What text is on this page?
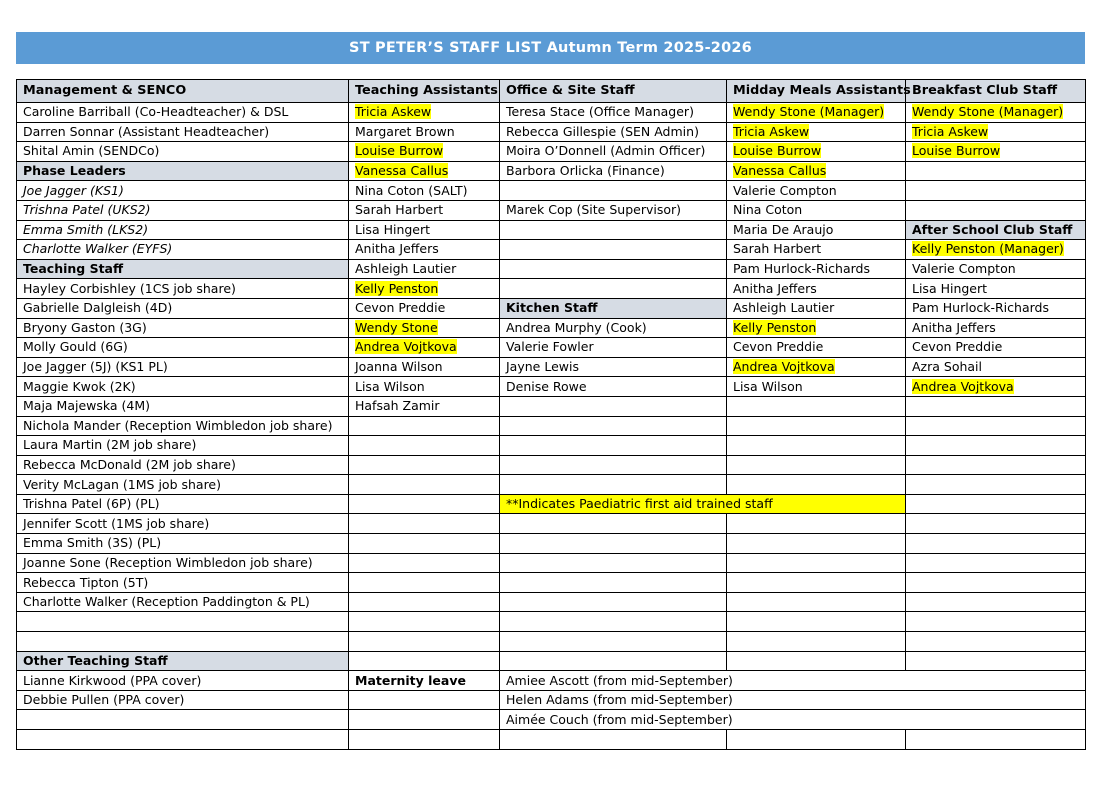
ST PETER’S STAFF LIST Autumn Term 2025-2026
Management & SENCO	Teaching Assistants	Office & Site Staff	Midday Meals Assistants	Breakfast Club Staff
Caroline Barriball (Co-Headteacher) & DSL	Tricia Askew	Teresa Stace (Office Manager)	Wendy Stone (Manager)	Wendy Stone (Manager)
Darren Sonnar (Assistant Headteacher)	Margaret Brown	Rebecca Gillespie (SEN Admin)	Tricia Askew	Tricia Askew
Shital Amin (SENDCo)	Louise Burrow	Moira O’Donnell (Admin Officer)	Louise Burrow	Louise Burrow
Phase Leaders	Vanessa Callus	Barbora Orlicka (Finance)	Vanessa Callus	
Joe Jagger (KS1)	Nina Coton (SALT)		Valerie Compton	
Trishna Patel (UKS2)	Sarah Harbert	Marek Cop (Site Supervisor)	Nina Coton	
Emma Smith (LKS2)	Lisa Hingert		Maria De Araujo	After School Club Staff
Charlotte Walker (EYFS)	Anitha Jeffers		Sarah Harbert	Kelly Penston (Manager)
Teaching Staff	Ashleigh Lautier		Pam Hurlock-Richards	Valerie Compton
Hayley Corbishley (1CS job share)	Kelly Penston		Anitha Jeffers	Lisa Hingert
Gabrielle Dalgleish (4D)	Cevon Preddie	Kitchen Staff	Ashleigh Lautier	Pam Hurlock-Richards
Bryony Gaston (3G)	Wendy Stone	Andrea Murphy (Cook)	Kelly Penston	Anitha Jeffers
Molly Gould (6G)	Andrea Vojtkova	Valerie Fowler	Cevon Preddie	Cevon Preddie
Joe Jagger (5J) (KS1 PL)	Joanna Wilson	Jayne Lewis	Andrea Vojtkova	Azra Sohail
Maggie Kwok (2K)	Lisa Wilson	Denise Rowe	Lisa Wilson	Andrea Vojtkova
Maja Majewska (4M)	Hafsah Zamir			
Nichola Mander (Reception Wimbledon job share)				
Laura Martin (2M job share)				
Rebecca McDonald (2M job share)				
Verity McLagan (1MS job share)				
Trishna Patel (6P) (PL)		**Indicates Paediatric first aid trained staff		
Jennifer Scott (1MS job share)				
Emma Smith (3S) (PL)				
Joanne Sone (Reception Wimbledon job share)				
Rebecca Tipton (5T)				
Charlotte Walker (Reception Paddington & PL)				

Other Teaching Staff				
Lianne Kirkwood (PPA cover)	Maternity leave	Amiee Ascott (from mid-September)		
Debbie Pullen (PPA cover)		Helen Adams (from mid-September)		
		Aimée Couch (from mid-September)		
